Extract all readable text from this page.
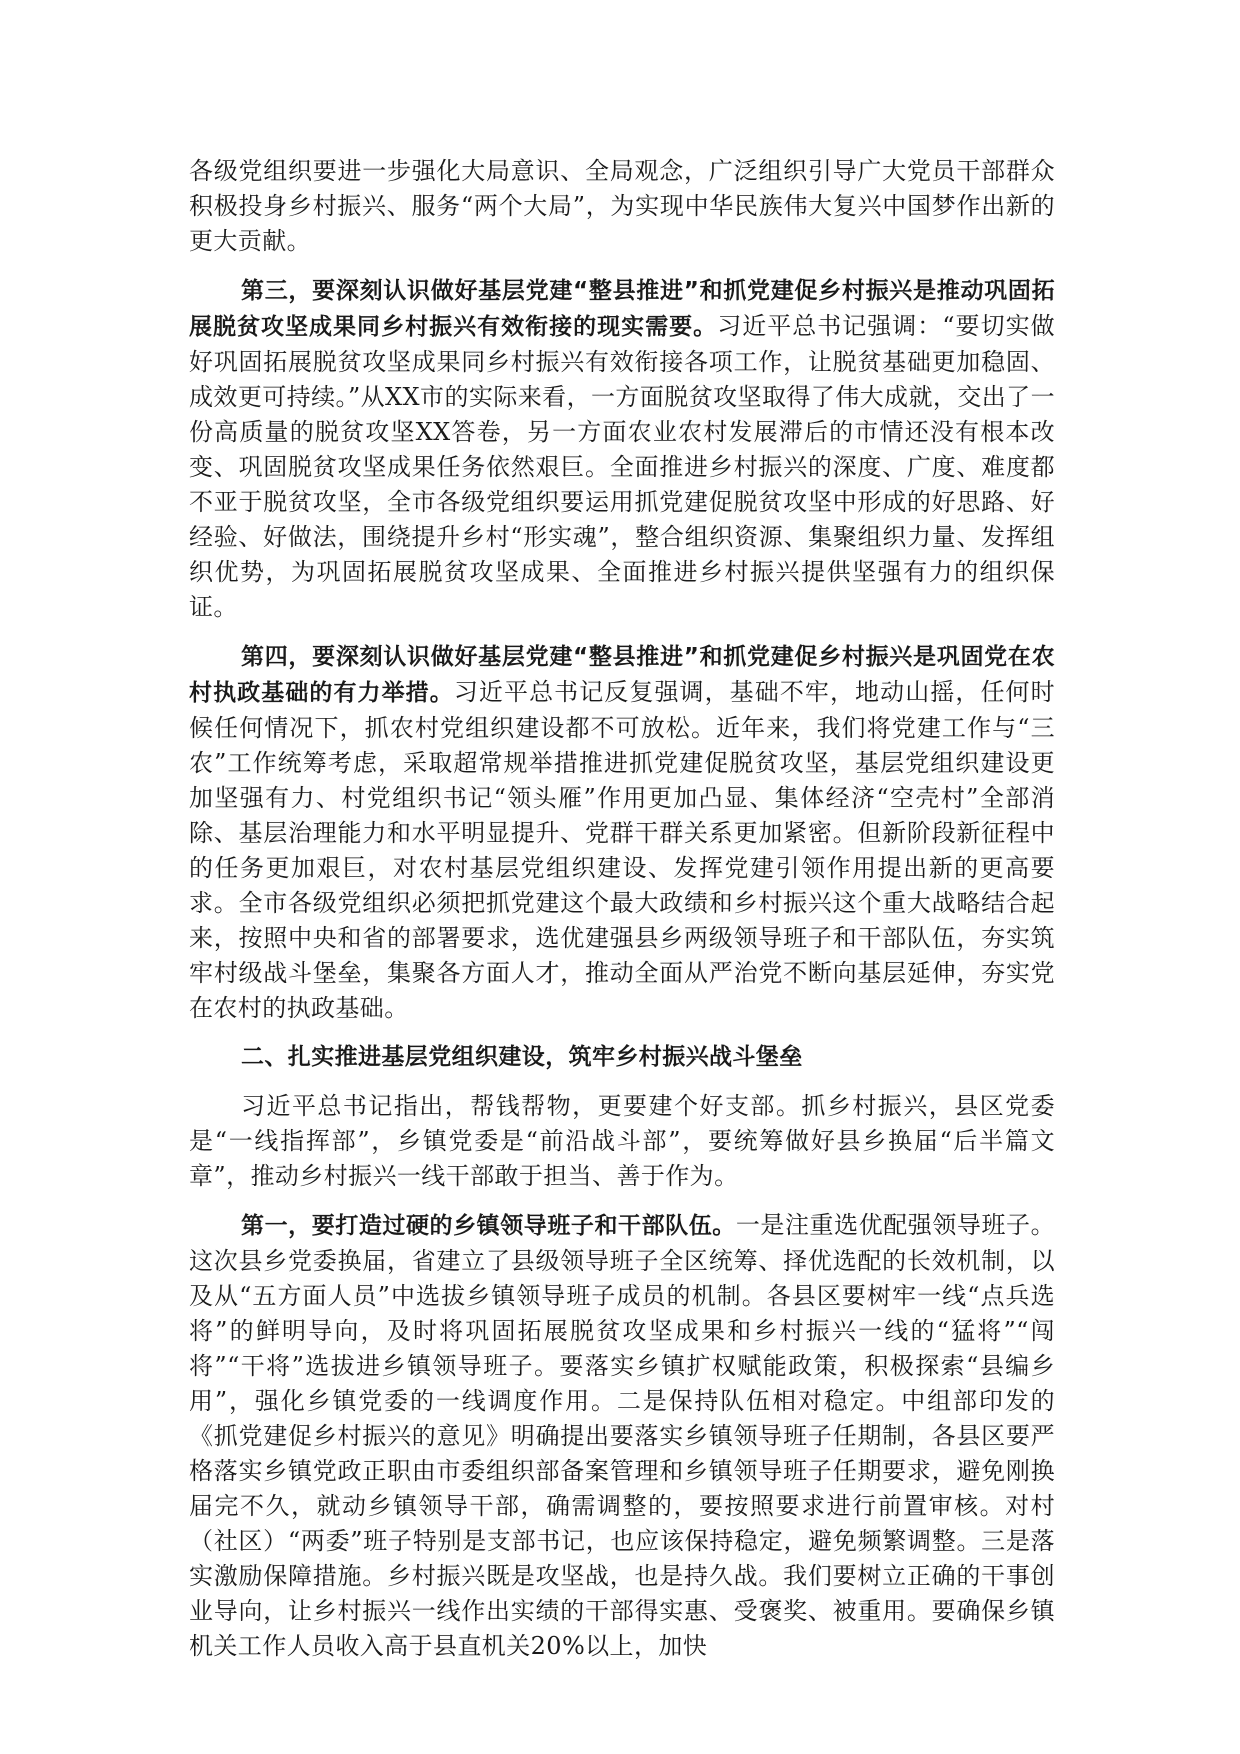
各级党组织要进一步强化大局意识、全局观念，广泛组织引导广大党员干部群众积极投身乡村振兴、服务“两个大局”，为实现中华民族伟大复兴中国梦作出新的更大贡献。

第三，要深刻认识做好基层党建“整县推进”和抓党建促乡村振兴是推动巩固拓展脱贫攻坚成果同乡村振兴有效衔接的现实需要。习近平总书记强调：“要切实做好巩固拓展脱贫攻坚成果同乡村振兴有效衔接各项工作，让脱贫基础更加稳固、成效更可持续。”从XX市的实际来看，一方面脱贫攻坚取得了伟大成就，交出了一份高质量的脱贫攻坚XX答卷，另一方面农业农村发展滞后的市情还没有根本改变、巩固脱贫攻坚成果任务依然艰巨。全面推进乡村振兴的深度、广度、难度都不亚于脱贫攻坚，全市各级党组织要运用抓党建促脱贫攻坚中形成的好思路、好经验、好做法，围绕提升乡村“形实魂”，整合组织资源、集聚组织力量、发挥组织优势，为巩固拓展脱贫攻坚成果、全面推进乡村振兴提供坚强有力的组织保证。

第四，要深刻认识做好基层党建“整县推进”和抓党建促乡村振兴是巩固党在农村执政基础的有力举措。习近平总书记反复强调，基础不牢，地动山摇，任何时候任何情况下，抓农村党组织建设都不可放松。近年来，我们将党建工作与“三农”工作统筹考虑，采取超常规举措推进抓党建促脱贫攻坚，基层党组织建设更加坚强有力、村党组织书记“领头雁”作用更加凸显、集体经济“空壳村”全部消除、基层治理能力和水平明显提升、党群干群关系更加紧密。但新阶段新征程中的任务更加艰巨，对农村基层党组织建设、发挥党建引领作用提出新的更高要求。全市各级党组织必须把抓党建这个最大政绩和乡村振兴这个重大战略结合起来，按照中央和省的部署要求，选优建强县乡两级领导班子和干部队伍，夯实筑牢村级战斗堡垒，集聚各方面人才，推动全面从严治党不断向基层延伸，夯实党在农村的执政基础。

二、扎实推进基层党组织建设，筑牢乡村振兴战斗堡垒

习近平总书记指出，帮钱帮物，更要建个好支部。抓乡村振兴，县区党委是“一线指挥部”，乡镇党委是“前沿战斗部”，要统筹做好县乡换届“后半篇文章”，推动乡村振兴一线干部敢于担当、善于作为。

第一，要打造过硬的乡镇领导班子和干部队伍。一是注重选优配强领导班子。这次县乡党委换届，省建立了县级领导班子全区统筹、择优选配的长效机制，以及从“五方面人员”中选拔乡镇领导班子成员的机制。各县区要树牢一线“点兵选将”的鲜明导向，及时将巩固拓展脱贫攻坚成果和乡村振兴一线的“猛将”“闯将”“干将”选拔进乡镇领导班子。要落实乡镇扩权赋能政策，积极探索“县编乡用”，强化乡镇党委的一线调度作用。二是保持队伍相对稳定。中组部印发的《抓党建促乡村振兴的意见》明确提出要落实乡镇领导班子任期制，各县区要严格落实乡镇党政正职由市委组织部备案管理和乡镇领导班子任期要求，避免刚换届完不久，就动乡镇领导干部，确需调整的，要按照要求进行前置审核。对村（社区）“两委”班子特别是支部书记，也应该保持稳定，避免频繁调整。三是落实激励保障措施。乡村振兴既是攻坚战，也是持久战。我们要树立正确的干事创业导向，让乡村振兴一线作出实绩的干部得实惠、受褒奖、被重用。要确保乡镇机关工作人员收入高于县直机关20%以上，加快
